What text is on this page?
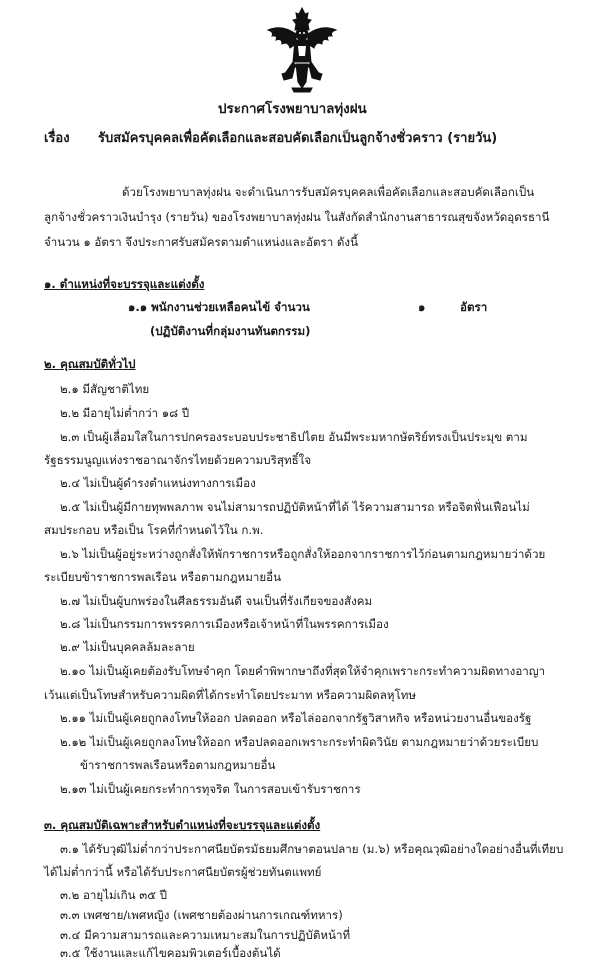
ประกาศโรงพยาบาลทุ่งฝน
เรื่อง รับสมัครบุคคลเพื่อคัดเลือกและสอบคัดเลือกเป็นลูกจ้างชั่วคราว (รายวัน)
ด้วยโรงพยาบาลทุ่งฝน จะดำเนินการรับสมัครบุคคลเพื่อคัดเลือกและสอบคัดเลือกเป็น
ลูกจ้างชั่วคราวเงินบำรุง (รายวัน) ของโรงพยาบาลทุ่งฝน ในสังกัดสำนักงานสาธารณสุขจังหวัดอุดรธานี
จำนวน ๑ อัตรา จึงประกาศรับสมัครตามตำแหน่งและอัตรา ดังนี้
๑. ตำแหน่งที่จะบรรจุและแต่งตั้ง
๑.๑ พนักงานช่วยเหลือคนไข้ จำนวน	๑	อัตรา
(ปฏิบัติงานที่กลุ่มงานทันตกรรม)
๒. คุณสมบัติทั่วไป
๒.๑ มีสัญชาติไทย
๒.๒ มีอายุไม่ต่ำกว่า ๑๘ ปี
๒.๓ เป็นผู้เลื่อมใสในการปกครองระบอบประชาธิปไตย อันมีพระมหากษัตริย์ทรงเป็นประมุข ตาม
รัฐธรรมนูญแห่งราชอาณาจักรไทยด้วยความบริสุทธิ์ใจ
๒.๔ ไม่เป็นผู้ดำรงตำแหน่งทางการเมือง
๒.๕ ไม่เป็นผู้มีกายทุพพลภาพ จนไม่สามารถปฏิบัติหน้าที่ได้ ไร้ความสามารถ หรือจิตฟั่นเฟือนไม่
สมประกอบ หรือเป็น โรคที่กำหนดไว้ใน ก.พ.
๒.๖ ไม่เป็นผู้อยู่ระหว่างถูกสั่งให้พักราชการหรือถูกสั่งให้ออกจากราชการไว้ก่อนตามกฎหมายว่าด้วย
ระเบียบข้าราชการพลเรือน หรือตามกฎหมายอื่น
๒.๗ ไม่เป็นผู้บกพร่องในศีลธรรมอันดี จนเป็นที่รังเกียจของสังคม
๒.๘ ไม่เป็นกรรมการพรรคการเมืองหรือเจ้าหน้าที่ในพรรคการเมือง
๒.๙ ไม่เป็นบุคคลล้มละลาย
๒.๑๐ ไม่เป็นผู้เคยต้องรับโทษจำคุก โดยคำพิพากษาถึงที่สุดให้จำคุกเพราะกระทำความผิดทางอาญา
เว้นแต่เป็นโทษสำหรับความผิดที่ได้กระทำโดยประมาท หรือความผิดลหุโทษ
๒.๑๑ ไม่เป็นผู้เคยถูกลงโทษให้ออก ปลดออก หรือไล่ออกจากรัฐวิสาหกิจ หรือหน่วยงานอื่นของรัฐ
๒.๑๒ ไม่เป็นผู้เคยถูกลงโทษให้ออก หรือปลดออกเพราะกระทำผิดวินัย ตามกฎหมายว่าด้วยระเบียบ
ข้าราชการพลเรือนหรือตามกฎหมายอื่น
๒.๑๓ ไม่เป็นผู้เคยกระทำการทุจริต ในการสอบเข้ารับราชการ
๓. คุณสมบัติเฉพาะสำหรับตำแหน่งที่จะบรรจุและแต่งตั้ง
๓.๑ ได้รับวุฒิไม่ต่ำกว่าประกาศนียบัตรมัธยมศึกษาตอนปลาย (ม.๖) หรือคุณวุฒิอย่างใดอย่างอื่นที่เทียบ
ได้ไม่ต่ำกว่านี้ หรือได้รับประกาศนียบัตรผู้ช่วยทันตแพทย์
๓.๒ อายุไม่เกิน ๓๕ ปี
๓.๓ เพศชาย/เพศหญิง (เพศชายต้องผ่านการเกณฑ์ทหาร)
๓.๔ มีความสามารถและความเหมาะสมในการปฏิบัติหน้าที่
๓.๕ ใช้งานและแก้ไขคอมพิวเตอร์เบื้องต้นได้
